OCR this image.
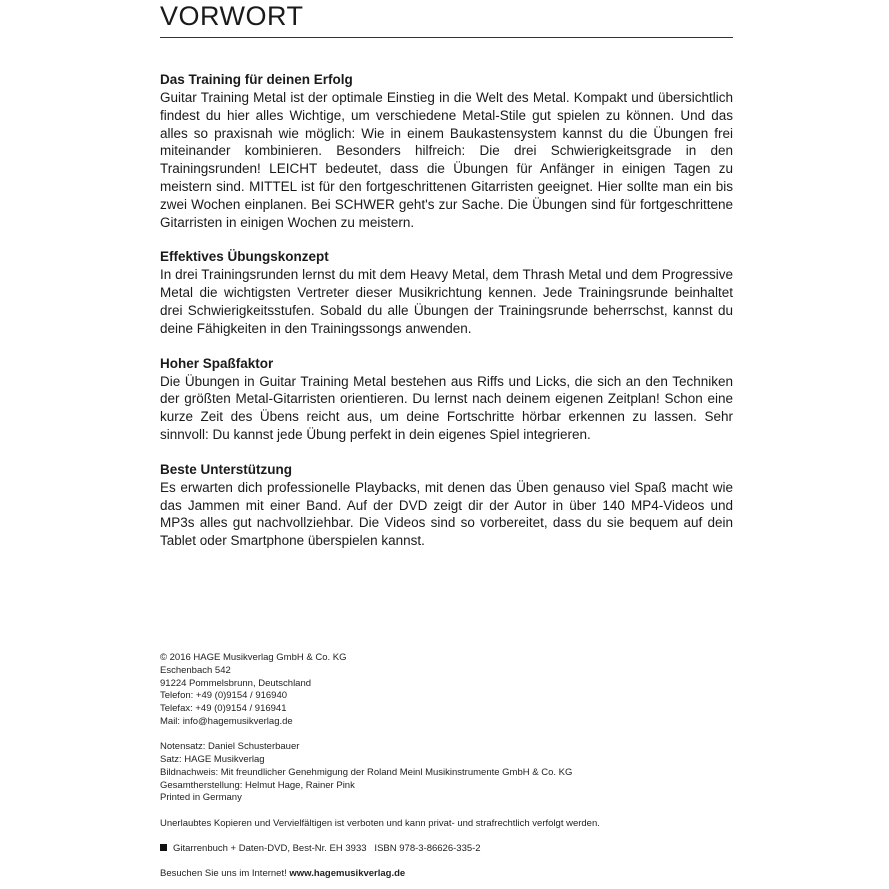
VORWORT
Das Training für deinen Erfolg

Guitar Training Metal ist der optimale Einstieg in die Welt des Metal. Kompakt und übersichtlich findest du hier alles Wichtige, um verschiedene Metal-Stile gut spielen zu können. Und das alles so praxisnah wie möglich: Wie in einem Baukastensystem kannst du die Übungen frei miteinander kombinieren. Besonders hilfreich: Die drei Schwierigkeitsgrade in den Trainingsrunden! LEICHT bedeutet, dass die Übungen für Anfänger in einigen Tagen zu meistern sind. MITTEL ist für den fortgeschrittenen Gitarristen geeignet. Hier sollte man ein bis zwei Wochen einplanen. Bei SCHWER geht's zur Sache. Die Übungen sind für fortgeschrittene Gitarristen in einigen Wochen zu meistern.

Effektives Übungskonzept

In drei Trainingsrunden lernst du mit dem Heavy Metal, dem Thrash Metal und dem Progressive Metal die wichtigsten Vertreter dieser Musikrichtung kennen. Jede Trainingsrunde beinhaltet drei Schwierigkeitsstufen. Sobald du alle Übungen der Trainingsrunde beherrschst, kannst du deine Fähigkeiten in den Trainingssongs anwenden.

Hoher Spaßfaktor

Die Übungen in Guitar Training Metal bestehen aus Riffs und Licks, die sich an den Techniken der größten Metal-Gitarristen orientieren. Du lernst nach deinem eigenen Zeitplan! Schon eine kurze Zeit des Übens reicht aus, um deine Fortschritte hörbar erkennen zu lassen. Sehr sinnvoll: Du kannst jede Übung perfekt in dein eigenes Spiel integrieren.

Beste Unterstützung

Es erwarten dich professionelle Playbacks, mit denen das Üben genauso viel Spaß macht wie das Jammen mit einer Band. Auf der DVD zeigt dir der Autor in über 140 MP4-Videos und MP3s alles gut nachvollziehbar. Die Videos sind so vorbereitet, dass du sie bequem auf dein Tablet oder Smartphone überspielen kannst.

© 2016 HAGE Musikverlag GmbH & Co. KG
Eschenbach 542
91224 Pommelsbrunn, Deutschland
Telefon: +49 (0)9154 / 916940
Telefax: +49 (0)9154 / 916941
Mail: info@hagemusikverlag.de
Notensatz: Daniel Schusterbauer
Satz: HAGE Musikverlag
Bildnachweis: Mit freundlicher Genehmigung der Roland Meinl Musikinstrumente GmbH & Co. KG
Gesamtherstellung: Helmut Hage, Rainer Pink
Printed in Germany
Unerlaubtes Kopieren und Vervielfältigen ist verboten und kann privat- und strafrechtlich verfolgt werden.
Gitarrenbuch + Daten-DVD, Best-Nr. EH 3933   ISBN 978-3-86626-335-2
Besuchen Sie uns im Internet! www.hagemusikverlag.de
